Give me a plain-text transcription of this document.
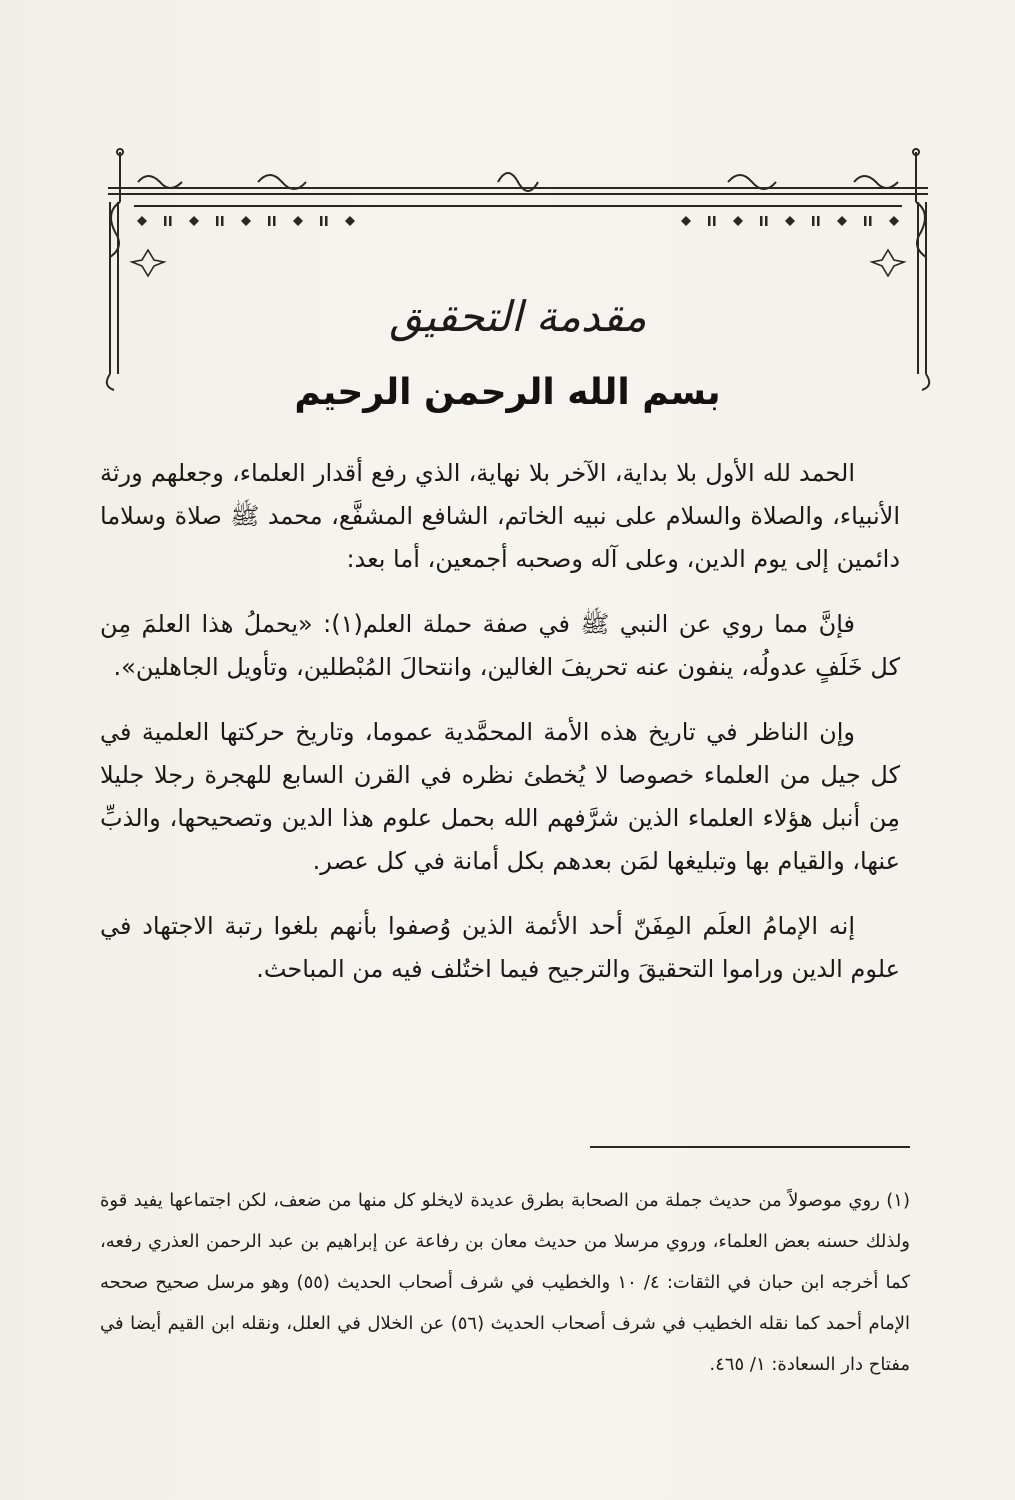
مقدمة التحقيق
بسم الله الرحمن الرحيم

الحمد لله الأول بلا بداية، الآخر بلا نهاية، الذي رفع أقدار العلماء، وجعلهم ورثة الأنبياء، والصلاة والسلام على نبيه الخاتم، الشافع المشفَّع، محمد ﷺ صلاة وسلاما دائمين إلى يوم الدين، وعلى آله وصحبه أجمعين، أما بعد:

فإنَّ مما روي عن النبي ﷺ في صفة حملة العلم(١): «يحملُ هذا العلمَ مِن كل خَلَفٍ عدولُه، ينفون عنه تحريفَ الغالين، وانتحالَ المُبْطلين، وتأويل الجاهلين».

وإن الناظر في تاريخ هذه الأمة المحمَّدية عموما، وتاريخ حركتها العلمية في كل جيل من العلماء خصوصا لا يُخطئ نظره في القرن السابع للهجرة رجلا جليلا مِن أنبل هؤلاء العلماء الذين شرَّفهم الله بحمل علوم هذا الدين وتصحيحها، والذبِّ عنها، والقيام بها وتبليغها لمَن بعدهم بكل أمانة في كل عصر.

إنه الإمامُ العلَم المِفَنّ أحد الأئمة الذين وُصفوا بأنهم بلغوا رتبة الاجتهاد في علوم الدين وراموا التحقيقَ والترجيح فيما اختُلف فيه من المباحث.

(١) روي موصولاً من حديث جملة من الصحابة بطرق عديدة لايخلو كل منها من ضعف، لكن اجتماعها يفيد قوة ولذلك حسنه بعض العلماء، وروي مرسلا من حديث معان بن رفاعة عن إبراهيم بن عبد الرحمن العذري رفعه، كما أخرجه ابن حبان في الثقات: ٤/ ١٠ والخطيب في شرف أصحاب الحديث (٥٥) وهو مرسل صحيح صححه الإمام أحمد كما نقله الخطيب في شرف أصحاب الحديث (٥٦) عن الخلال في العلل، ونقله ابن القيم أيضا في مفتاح دار السعادة: ١/ ٤٦٥.
